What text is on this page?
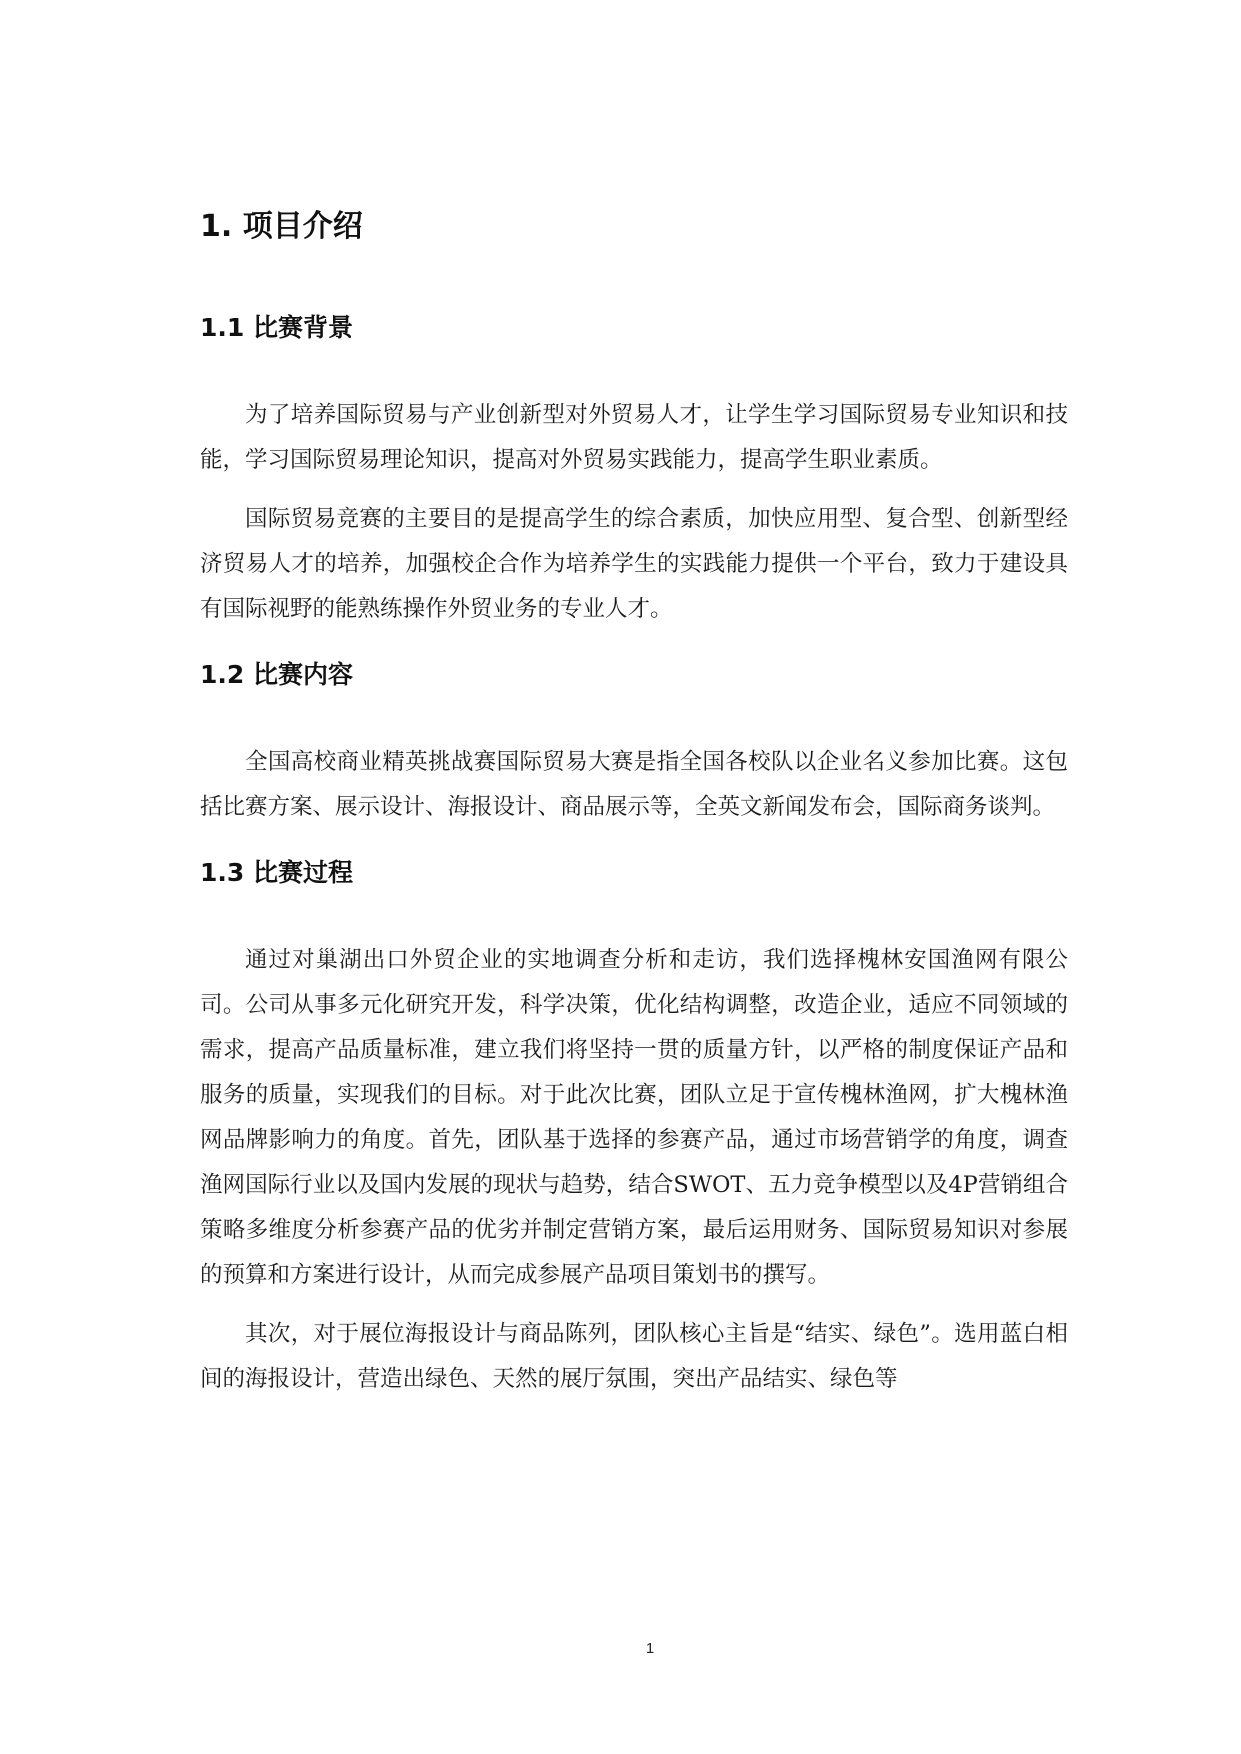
1. 项目介绍
1.1 比赛背景

为了培养国际贸易与产业创新型对外贸易人才，让学生学习国际贸易专业知识和技能，学习国际贸易理论知识，提高对外贸易实践能力，提高学生职业素质。

国际贸易竞赛的主要目的是提高学生的综合素质，加快应用型、复合型、创新型经济贸易人才的培养，加强校企合作为培养学生的实践能力提供一个平台，致力于建设具有国际视野的能熟练操作外贸业务的专业人才。

1.2 比赛内容

全国高校商业精英挑战赛国际贸易大赛是指全国各校队以企业名义参加比赛。这包括比赛方案、展示设计、海报设计、商品展示等，全英文新闻发布会，国际商务谈判。

1.3 比赛过程

通过对巢湖出口外贸企业的实地调查分析和走访，我们选择槐林安国渔网有限公司。公司从事多元化研究开发，科学决策，优化结构调整，改造企业，适应不同领域的需求，提高产品质量标准，建立我们将坚持一贯的质量方针，以严格的制度保证产品和服务的质量，实现我们的目标。对于此次比赛，团队立足于宣传槐林渔网，扩大槐林渔网品牌影响力的角度。首先，团队基于选择的参赛产品，通过市场营销学的角度，调查渔网国际行业以及国内发展的现状与趋势，结合SWOT、五力竞争模型以及4P营销组合策略多维度分析参赛产品的优劣并制定营销方案，最后运用财务、国际贸易知识对参展的预算和方案进行设计，从而完成参展产品项目策划书的撰写。

其次，对于展位海报设计与商品陈列，团队核心主旨是“结实、绿色”。选用蓝白相间的海报设计，营造出绿色、天然的展厅氛围，突出产品结实、绿色等

1
